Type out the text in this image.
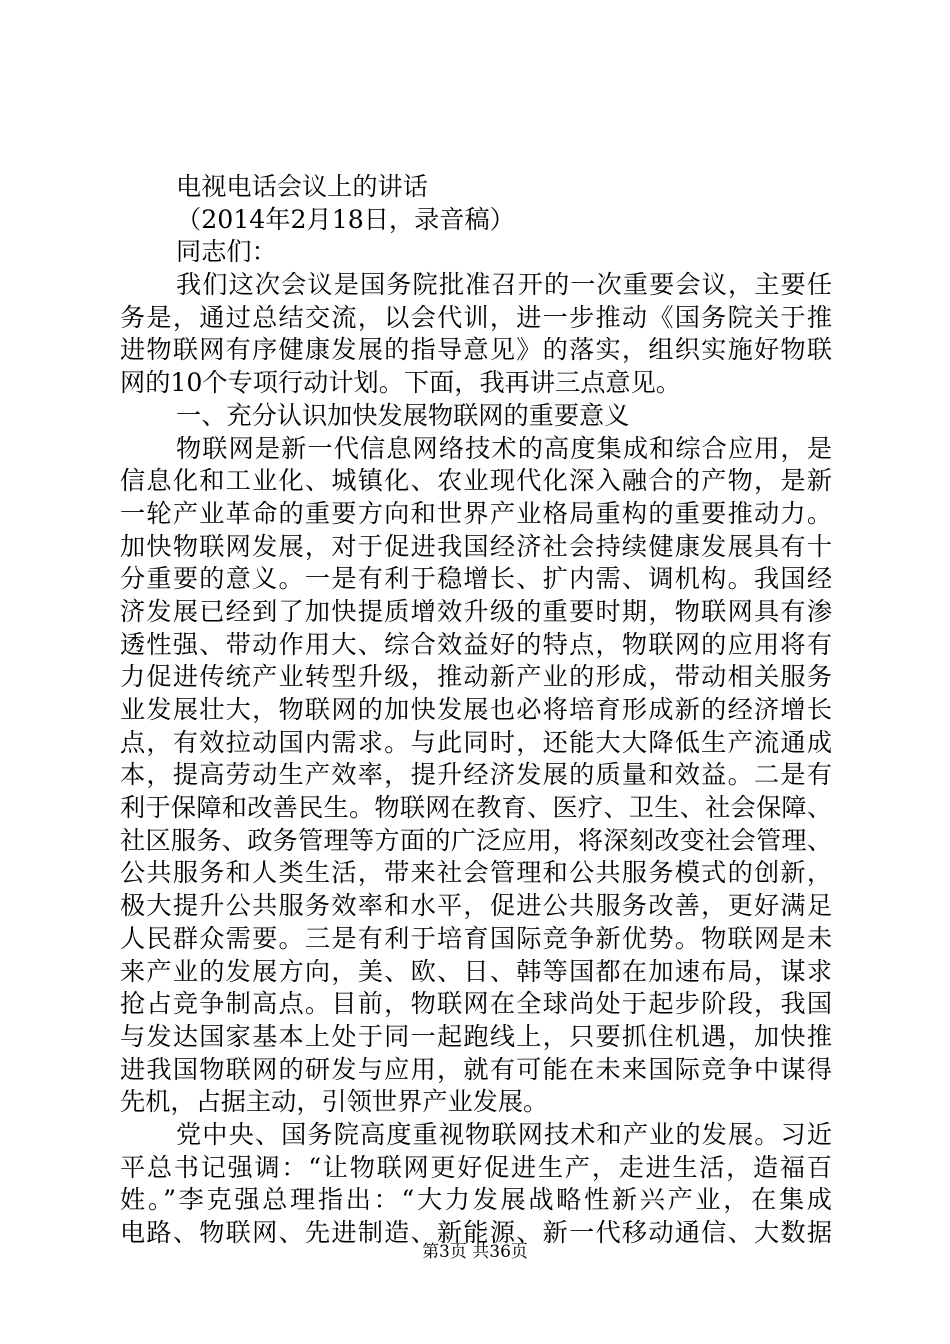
电视电话会议上的讲话
（2014年2月18日，录音稿）
同志们：
我们这次会议是国务院批准召开的一次重要会议，主要任
务是，通过总结交流，以会代训，进一步推动《国务院关于推
进物联网有序健康发展的指导意见》的落实，组织实施好物联
网的10个专项行动计划。下面，我再讲三点意见。
一、充分认识加快发展物联网的重要意义
物联网是新一代信息网络技术的高度集成和综合应用，是
信息化和工业化、城镇化、农业现代化深入融合的产物，是新
一轮产业革命的重要方向和世界产业格局重构的重要推动力。
加快物联网发展，对于促进我国经济社会持续健康发展具有十
分重要的意义。一是有利于稳增长、扩内需、调机构。我国经
济发展已经到了加快提质增效升级的重要时期，物联网具有渗
透性强、带动作用大、综合效益好的特点，物联网的应用将有
力促进传统产业转型升级，推动新产业的形成，带动相关服务
业发展壮大，物联网的加快发展也必将培育形成新的经济增长
点，有效拉动国内需求。与此同时，还能大大降低生产流通成
本，提高劳动生产效率，提升经济发展的质量和效益。二是有
利于保障和改善民生。物联网在教育、医疗、卫生、社会保障、
社区服务、政务管理等方面的广泛应用，将深刻改变社会管理、
公共服务和人类生活，带来社会管理和公共服务模式的创新，
极大提升公共服务效率和水平，促进公共服务改善，更好满足
人民群众需要。三是有利于培育国际竞争新优势。物联网是未
来产业的发展方向，美、欧、日、韩等国都在加速布局，谋求
抢占竞争制高点。目前，物联网在全球尚处于起步阶段，我国
与发达国家基本上处于同一起跑线上，只要抓住机遇，加快推
进我国物联网的研发与应用，就有可能在未来国际竞争中谋得
先机，占据主动，引领世界产业发展。
党中央、国务院高度重视物联网技术和产业的发展。习近
平总书记强调：“让物联网更好促进生产，走进生活，造福百
姓。”李克强总理指出：“大力发展战略性新兴产业，在集成
电路、物联网、先进制造、新能源、新一代移动通信、大数据
第3页 共36页
